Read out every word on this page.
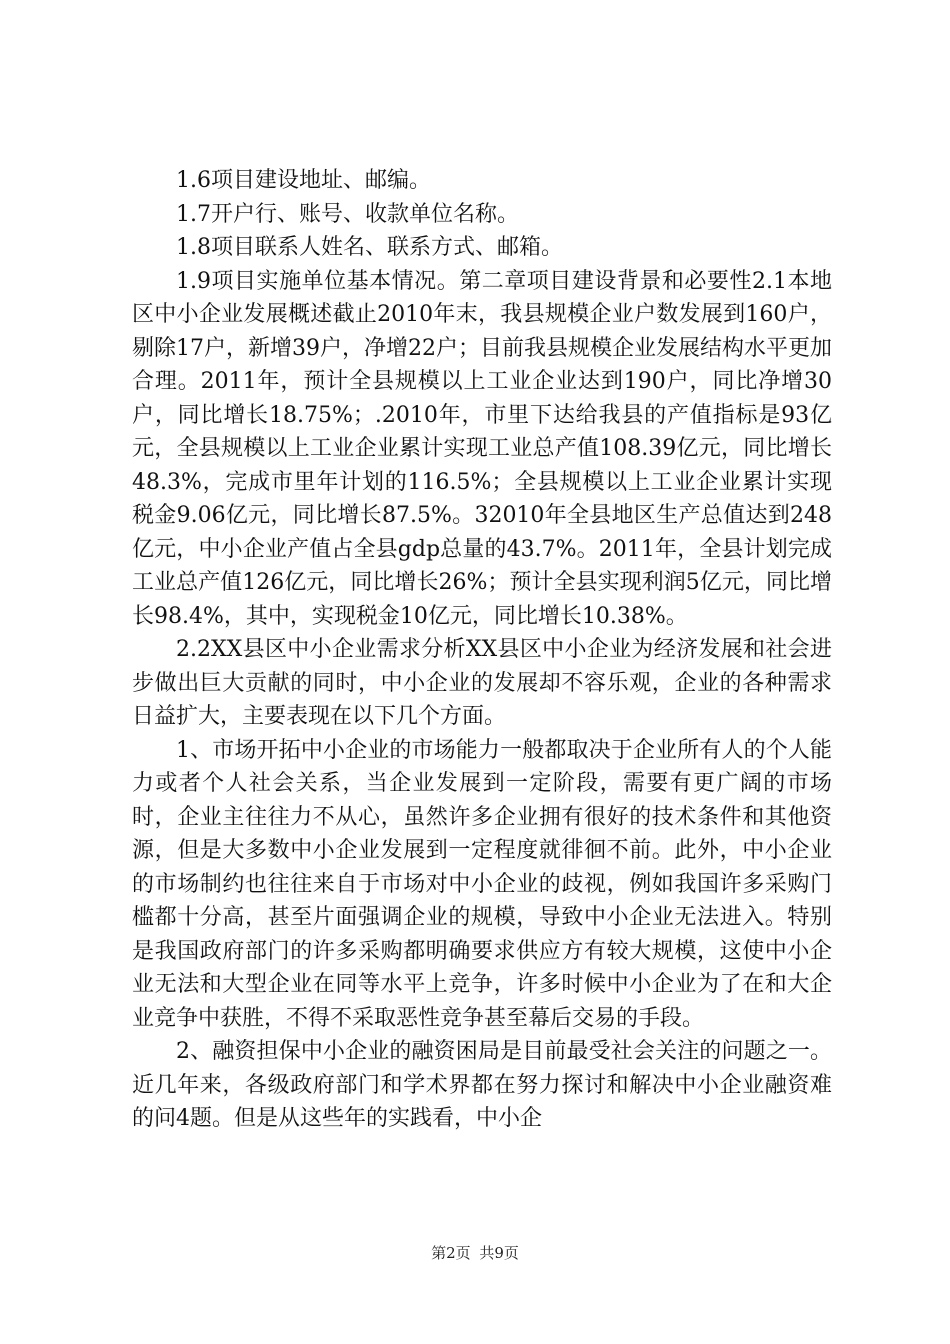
1.6项目建设地址、邮编。

1.7开户行、账号、收款单位名称。

1.8项目联系人姓名、联系方式、邮箱。

1.9项目实施单位基本情况。第二章项目建设背景和必要性2.1本地区中小企业发展概述截止2010年末，我县规模企业户数发展到160户，剔除17户，新增39户，净增22户；目前我县规模企业发展结构水平更加合理。2011年，预计全县规模以上工业企业达到190户，同比净增30户，同比增长18.75%；.2010年，市里下达给我县的产值指标是93亿元，全县规模以上工业企业累计实现工业总产值108.39亿元，同比增长48.3%，完成市里年计划的116.5%；全县规模以上工业企业累计实现税金9.06亿元，同比增长87.5%。32010年全县地区生产总值达到248亿元，中小企业产值占全县gdp总量的43.7%。2011年，全县计划完成工业总产值126亿元，同比增长26%；预计全县实现利润5亿元，同比增长98.4%，其中，实现税金10亿元，同比增长10.38%。

2.2XX县区中小企业需求分析XX县区中小企业为经济发展和社会进步做出巨大贡献的同时，中小企业的发展却不容乐观，企业的各种需求日益扩大，主要表现在以下几个方面。

1、市场开拓中小企业的市场能力一般都取决于企业所有人的个人能力或者个人社会关系，当企业发展到一定阶段，需要有更广阔的市场时，企业主往往力不从心，虽然许多企业拥有很好的技术条件和其他资源，但是大多数中小企业发展到一定程度就徘徊不前。此外，中小企业的市场制约也往往来自于市场对中小企业的歧视，例如我国许多采购门槛都十分高，甚至片面强调企业的规模，导致中小企业无法进入。特别是我国政府部门的许多采购都明确要求供应方有较大规模，这使中小企业无法和大型企业在同等水平上竞争，许多时候中小企业为了在和大企业竞争中获胜，不得不采取恶性竞争甚至幕后交易的手段。

2、融资担保中小企业的融资困局是目前最受社会关注的问题之一。近几年来，各级政府部门和学术界都在努力探讨和解决中小企业融资难的问4题。但是从这些年的实践看，中小企

第2页 共9页
